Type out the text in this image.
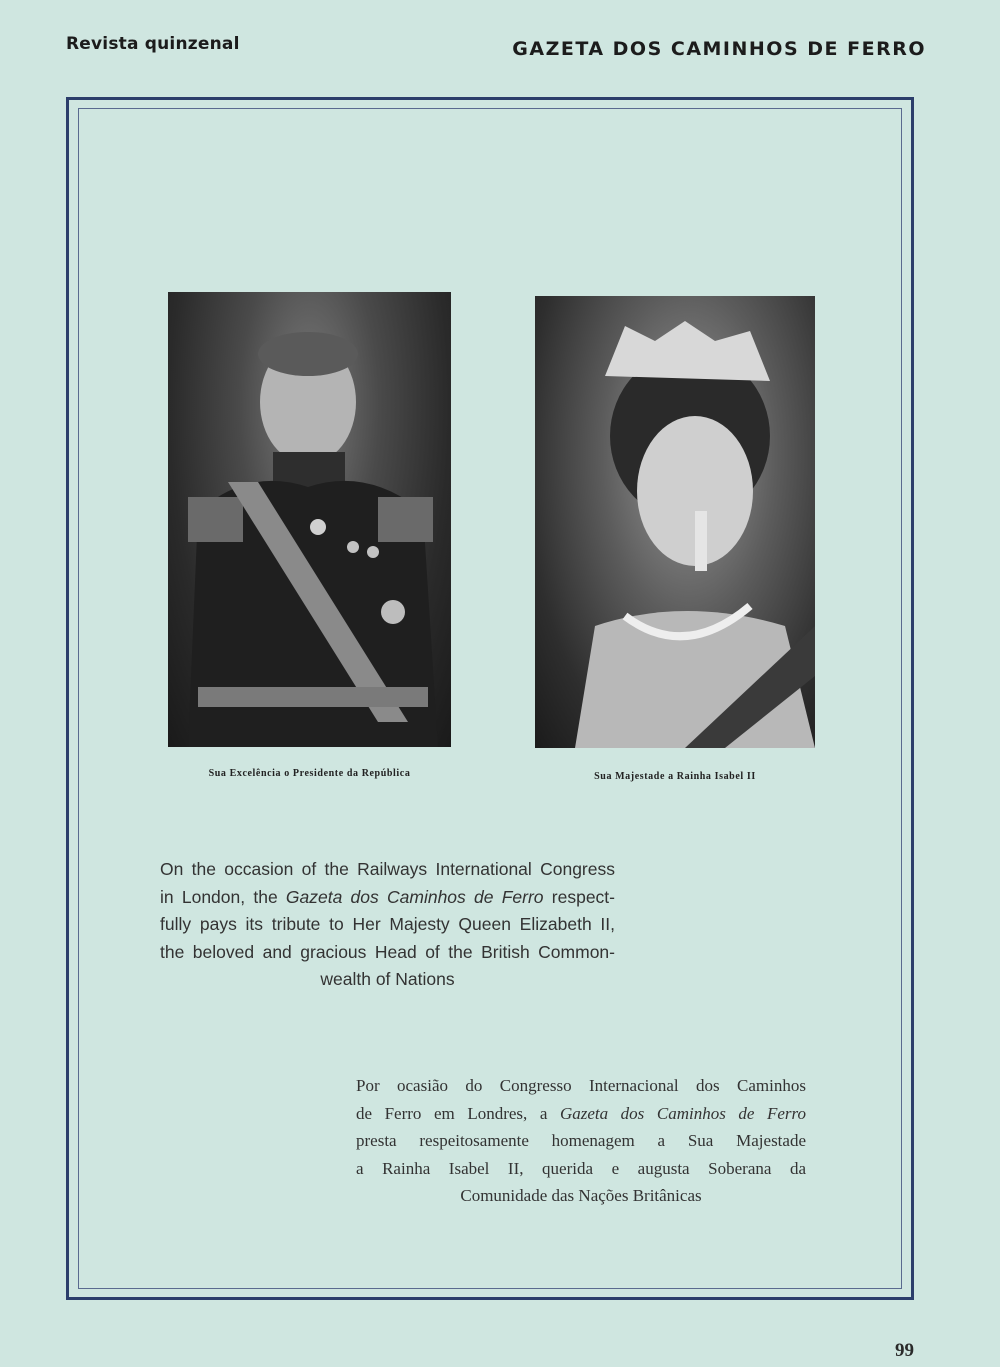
Revista quinzenal	GAZETA DOS CAMINHOS DE FERRO
Sua Excelência o Presidente da República	Sua Majestade a Rainha Isabel II
On the occasion of the Railways International Congress
in London, the Gazeta dos Caminhos de Ferro respect-
fully pays its tribute to Her Majesty Queen Elizabeth II,
the beloved and gracious Head of the British Common-
wealth of Nations
Por ocasião do Congresso Internacional dos Caminhos
de Ferro em Londres, a Gazeta dos Caminhos de Ferro
presta respeitosamente homenagem a Sua Majestade
a Rainha Isabel II, querida e augusta Soberana da
Comunidade das Nações Britânicas
99
